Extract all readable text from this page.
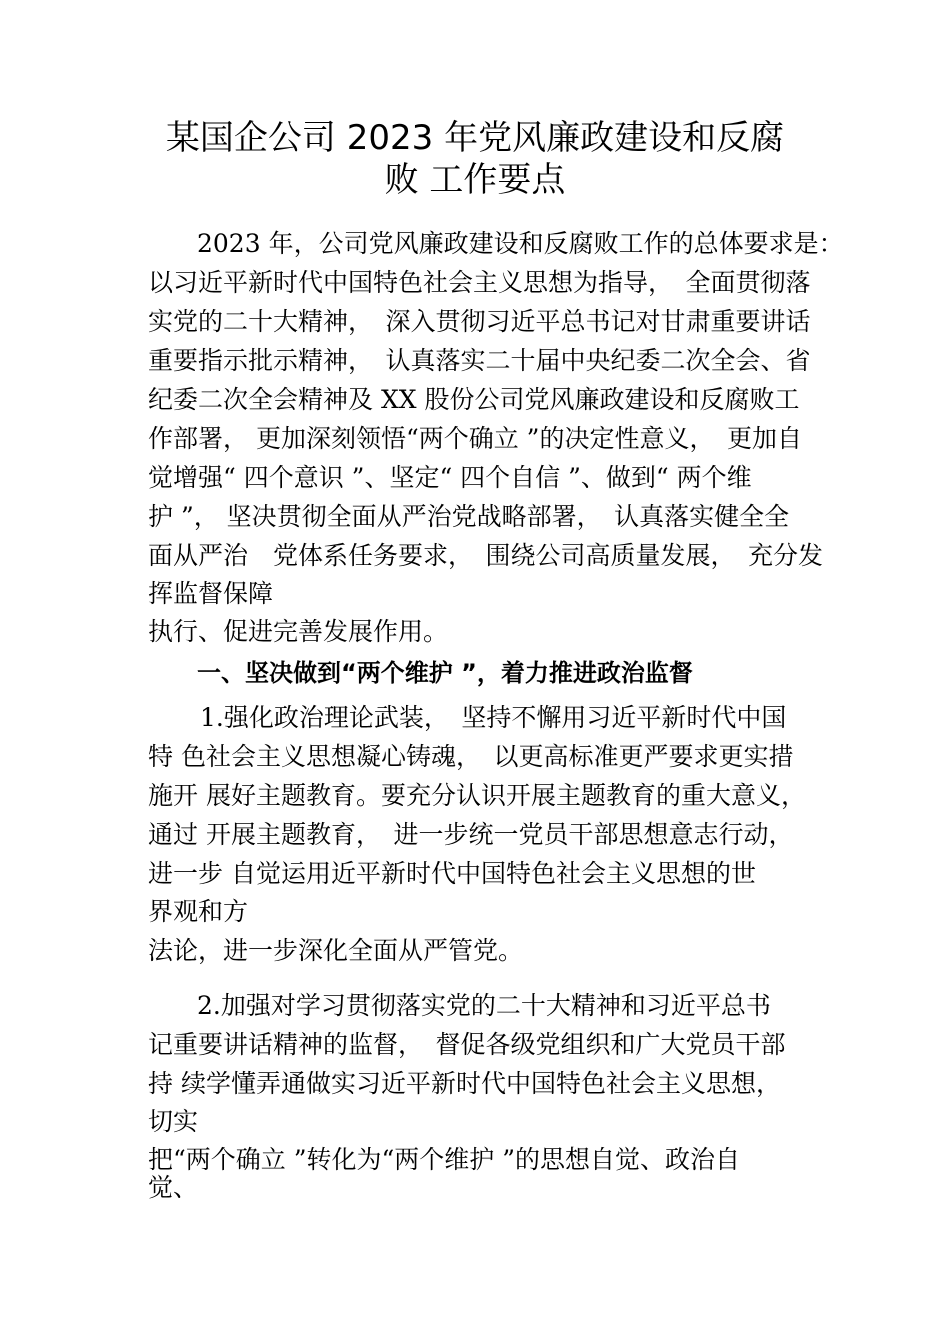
某国企公司 2023 年党风廉政建设和反腐
败 工作要点
2023 年，公司党风廉政建设和反腐败工作的总体要求是：
以习近平新时代中国特色社会主义思想为指导，　全面贯彻落
实党的二十大精神，　深入贯彻习近平总书记对甘肃重要讲话
重要指示批示精神，　认真落实二十届中央纪委二次全会、省
纪委二次全会精神及 XX 股份公司党风廉政建设和反腐败工
作部署， 更加深刻领悟“两个确立 ”的决定性意义，　更加自
觉增强“ 四个意识 ”、坚定“ 四个自信 ”、做到“ 两个维
护 ”， 坚决贯彻全面从严治党战略部署，　认真落实健全全
面从严治　党体系任务要求，　围绕公司高质量发展，　充分发
挥监督保障
执行、促进完善发展作用。
一、坚决做到“两个维护 ”，着力推进政治监督
1.强化政治理论武装，　坚持不懈用习近平新时代中国
特 色社会主义思想凝心铸魂，　以更高标准更严要求更实措
施开 展好主题教育。要充分认识开展主题教育的重大意义，
通过 开展主题教育，　进一步统一党员干部思想意志行动，
进一步 自觉运用近平新时代中国特色社会主义思想的世
界观和方
法论，进一步深化全面从严管党。
2.加强对学习贯彻落实党的二十大精神和习近平总书
记重要讲话精神的监督，　督促各级党组织和广大党员干部
持 续学懂弄通做实习近平新时代中国特色社会主义思想，
切实
把“两个确立 ”转化为“两个维护 ”的思想自觉、政治自
觉、
